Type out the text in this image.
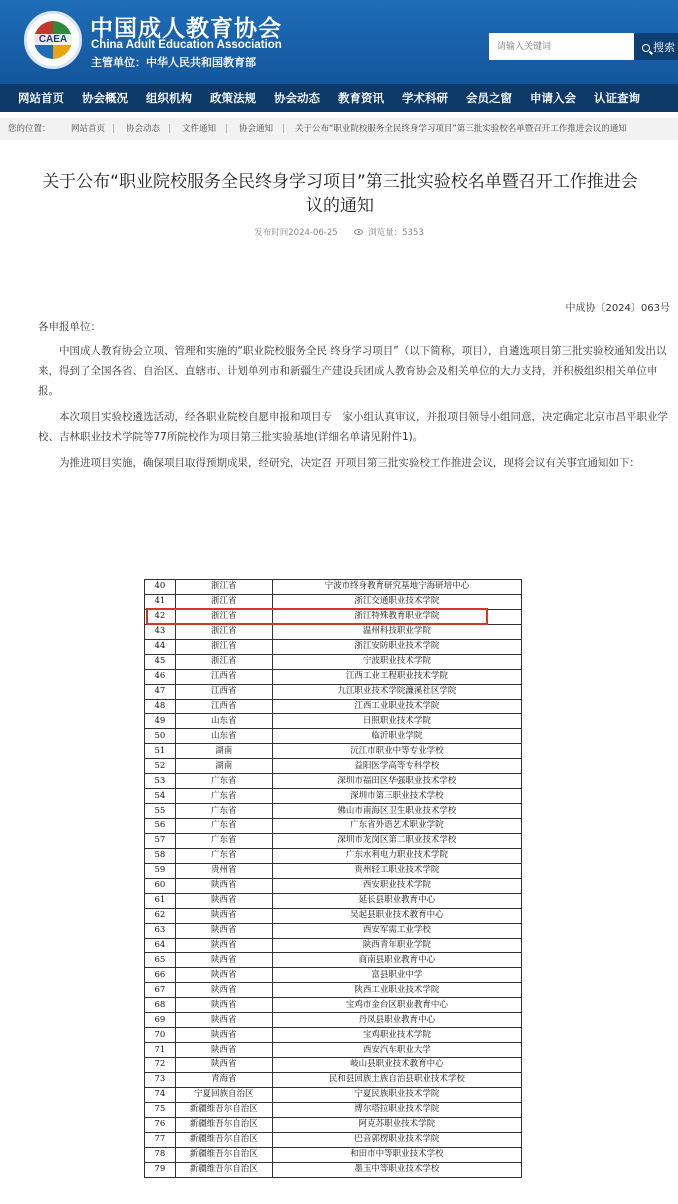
CAEA 中国成人教育协会
China Adult Education Association
主管单位：中华人民共和国教育部
请输入关键词
搜索
网站首页 协会概况 组织机构 政策法规 协会动态 教育资讯 学术科研 会员之窗 申请入会 认证查询
您的位置： 网站首页 | 协会动态 | 文件通知 | 协会通知 | 关于公布“职业院校服务全民终身学习项目”第三批实验校名单暨召开工作推进会议的通知
关于公布“职业院校服务全民终身学习项目”第三批实验校名单暨召开工作推进会议的通知
发布时间2024-06-25	浏览量：5353
中成协〔2024〕063号
各申报单位：
中国成人教育协会立项、管理和实施的“职业院校服务全民 终身学习项目”（以下简称，项目），自遴选项目第三批实验校通知发出以来，得到了全国各省、自治区、直辖市、计划单列市和新疆生产建设兵团成人教育协会及相关单位的大力支持，并积极组织相关单位申报。
本次项目实验校遴选活动，经各职业院校自愿申报和项目专　家小组认真审议，并报项目领导小组同意，决定确定北京市昌平职业学校、吉林职业技术学院等77所院校作为项目第三批实验基地(详细名单请见附件1)。
为推进项目实施，确保项目取得预期成果，经研究，决定召 开项目第三批实验校工作推进会议，现将会议有关事宜通知如下：
40	浙江省	宁波市终身教育研究基地宁海研培中心
41	浙江省	浙江交通职业技术学院
42	浙江省	浙江特殊教育职业学院
43	浙江省	温州科技职业学院
44	浙江省	浙江安防职业技术学院
45	浙江省	宁波职业技术学院
46	江西省	江西工业工程职业技术学院
47	江西省	九江职业技术学院濂溪社区学院
48	江西省	江西工业职业技术学院
49	山东省	日照职业技术学院
50	山东省	临沂职业学院
51	湖南	沅江市职业中等专业学校
52	湖南	益阳医学高等专科学校
53	广东省	深圳市福田区华强职业技术学校
54	广东省	深圳市第三职业技术学校
55	广东省	佛山市南海区卫生职业技术学校
56	广东省	广东省外语艺术职业学院
57	广东省	深圳市龙岗区第二职业技术学校
58	广东省	广东水利电力职业技术学院
59	贵州省	贵州轻工职业技术学院
60	陕西省	西安职业技术学院
61	陕西省	延长县职业教育中心
62	陕西省	吴起县职业技术教育中心
63	陕西省	西安军需工业学校
64	陕西省	陕西青年职业学院
65	陕西省	商南县职业教育中心
66	陕西省	富县职业中学
67	陕西省	陕西工业职业技术学院
68	陕西省	宝鸡市金台区职业教育中心
69	陕西省	丹凤县职业教育中心
70	陕西省	宝鸡职业技术学院
71	陕西省	西安汽车职业大学
72	陕西省	岐山县职业技术教育中心
73	青海省	民和县回族土族自治县职业技术学校
74	宁夏回族自治区	宁夏民族职业技术学院
75	新疆维吾尔自治区	博尔塔拉职业技术学院
76	新疆维吾尔自治区	阿克苏职业技术学院
77	新疆维吾尔自治区	巴音郭楞职业技术学院
78	新疆维吾尔自治区	和田市中等职业技术学校
79	新疆维吾尔自治区	墨玉中等职业技术学校
